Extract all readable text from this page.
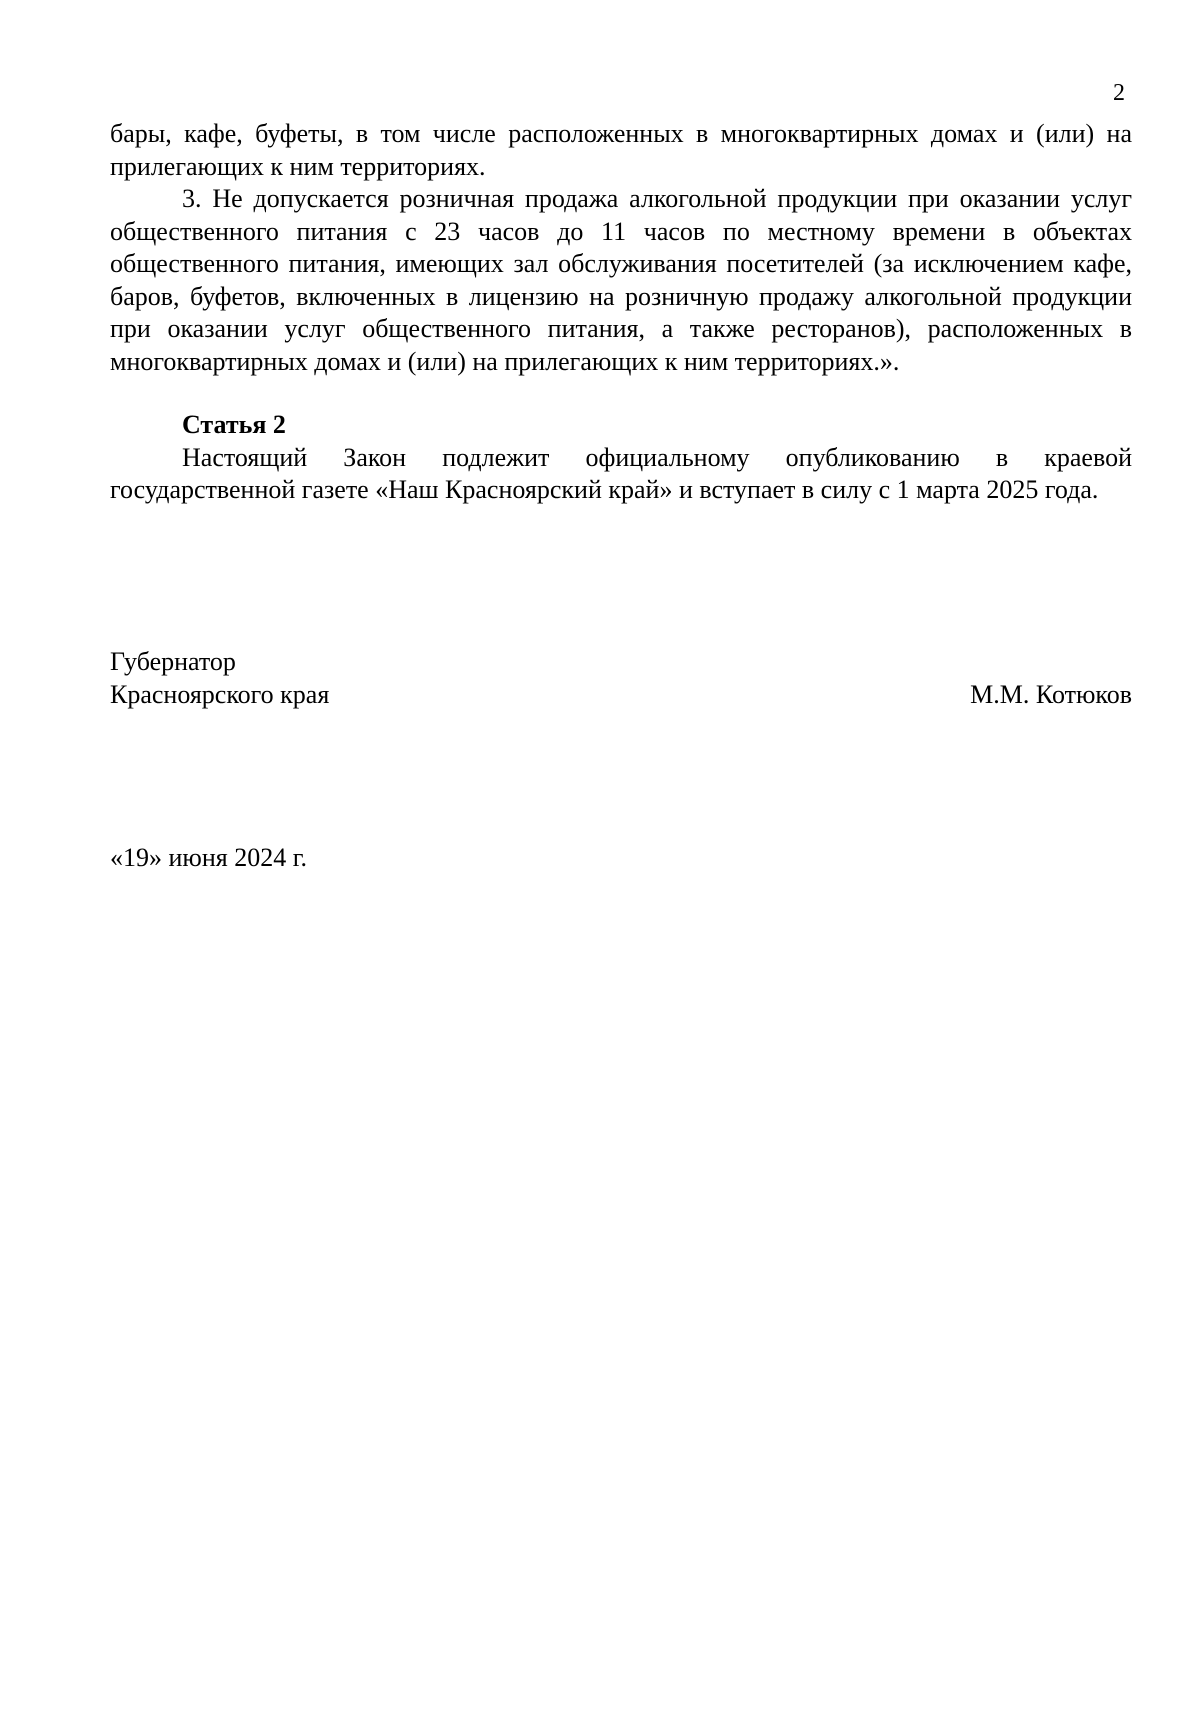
2

бары, кафе, буфеты, в том числе расположенных в многоквартирных домах и (или) на прилегающих к ним территориях.

3. Не допускается розничная продажа алкогольной продукции при оказании услуг общественного питания с 23 часов до 11 часов по местному времени в объектах общественного питания, имеющих зал обслуживания посетителей (за исключением кафе, баров, буфетов, включенных в лицензию на розничную продажу алкогольной продукции при оказании услуг общественного питания, а также ресторанов), расположенных в многоквартирных домах и (или) на прилегающих к ним территориях.».

Статья 2

Настоящий Закон подлежит официальному опубликованию в краевой государственной газете «Наш Красноярский край» и вступает в силу с 1 марта 2025 года.

Губернатор
Красноярского края	М.М. Котюков
«19» июня 2024 г.
